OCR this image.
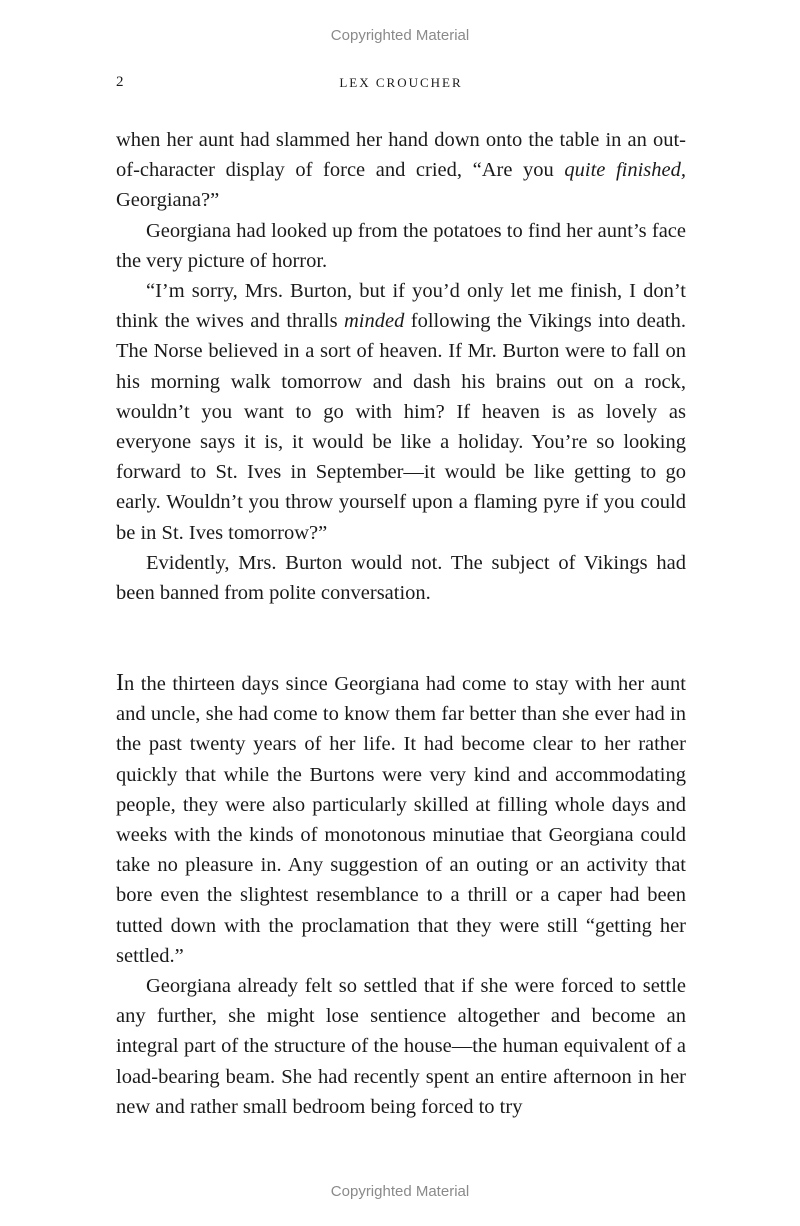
Copyrighted Material
2	LEX CROUCHER

when her aunt had slammed her hand down onto the table in an out-of-character display of force and cried, “Are you quite finished, Georgiana?”

Georgiana had looked up from the potatoes to find her aunt’s face the very picture of horror.

“I’m sorry, Mrs. Burton, but if you’d only let me finish, I don’t think the wives and thralls minded following the Vikings into death. The Norse believed in a sort of heaven. If Mr. Burton were to fall on his morning walk tomorrow and dash his brains out on a rock, wouldn’t you want to go with him? If heaven is as lovely as everyone says it is, it would be like a holiday. You’re so looking forward to St. Ives in September—it would be like getting to go early. Wouldn’t you throw yourself upon a flaming pyre if you could be in St. Ives tomorrow?”

Evidently, Mrs. Burton would not. The subject of Vikings had been banned from polite conversation.

In the thirteen days since Georgiana had come to stay with her aunt and uncle, she had come to know them far better than she ever had in the past twenty years of her life. It had become clear to her rather quickly that while the Burtons were very kind and accommodating people, they were also particularly skilled at filling whole days and weeks with the kinds of monotonous minutiae that Georgiana could take no pleasure in. Any suggestion of an outing or an activity that bore even the slightest resemblance to a thrill or a caper had been tutted down with the proclamation that they were still “getting her settled.”

Georgiana already felt so settled that if she were forced to settle any further, she might lose sentience altogether and become an integral part of the structure of the house—the human equivalent of a load-bearing beam. She had recently spent an entire afternoon in her new and rather small bedroom being forced to try

Copyrighted Material
